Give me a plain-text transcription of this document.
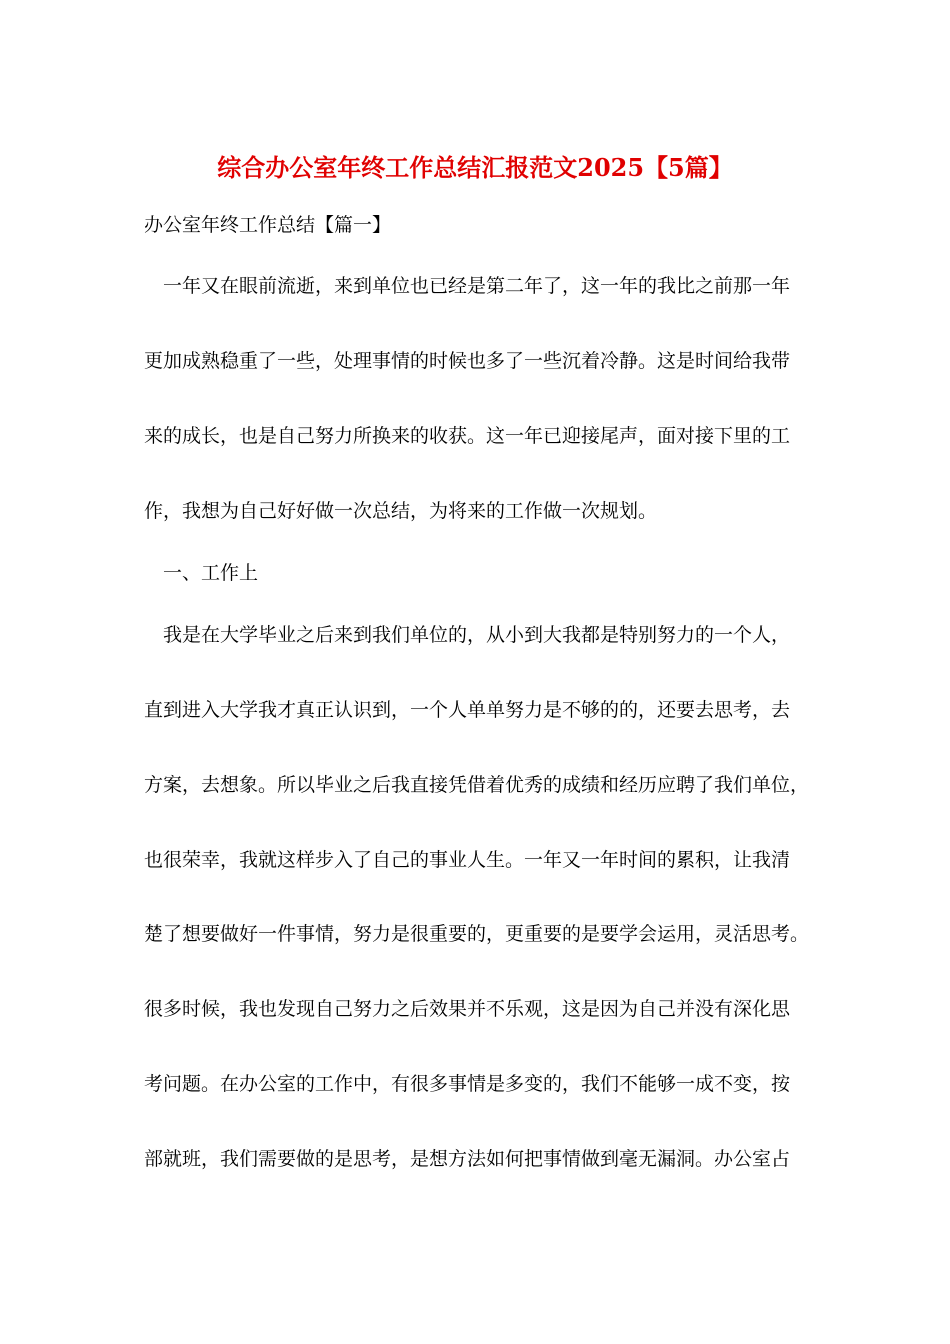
综合办公室年终工作总结汇报范文2025【5篇】
办公室年终工作总结【篇一】
一年又在眼前流逝，来到单位也已经是第二年了，这一年的我比之前那一年
更加成熟稳重了一些，处理事情的时候也多了一些沉着冷静。这是时间给我带
来的成长，也是自己努力所换来的收获。这一年已迎接尾声，面对接下里的工
作，我想为自己好好做一次总结，为将来的工作做一次规划。
一、工作上
我是在大学毕业之后来到我们单位的，从小到大我都是特别努力的一个人，
直到进入大学我才真正认识到，一个人单单努力是不够的的，还要去思考，去
方案，去想象。所以毕业之后我直接凭借着优秀的成绩和经历应聘了我们单位，
也很荣幸，我就这样步入了自己的事业人生。一年又一年时间的累积，让我清
楚了想要做好一件事情，努力是很重要的，更重要的是要学会运用，灵活思考。
很多时候，我也发现自己努力之后效果并不乐观，这是因为自己并没有深化思
考问题。在办公室的工作中，有很多事情是多变的，我们不能够一成不变，按
部就班，我们需要做的是思考，是想方法如何把事情做到毫无漏洞。办公室占
